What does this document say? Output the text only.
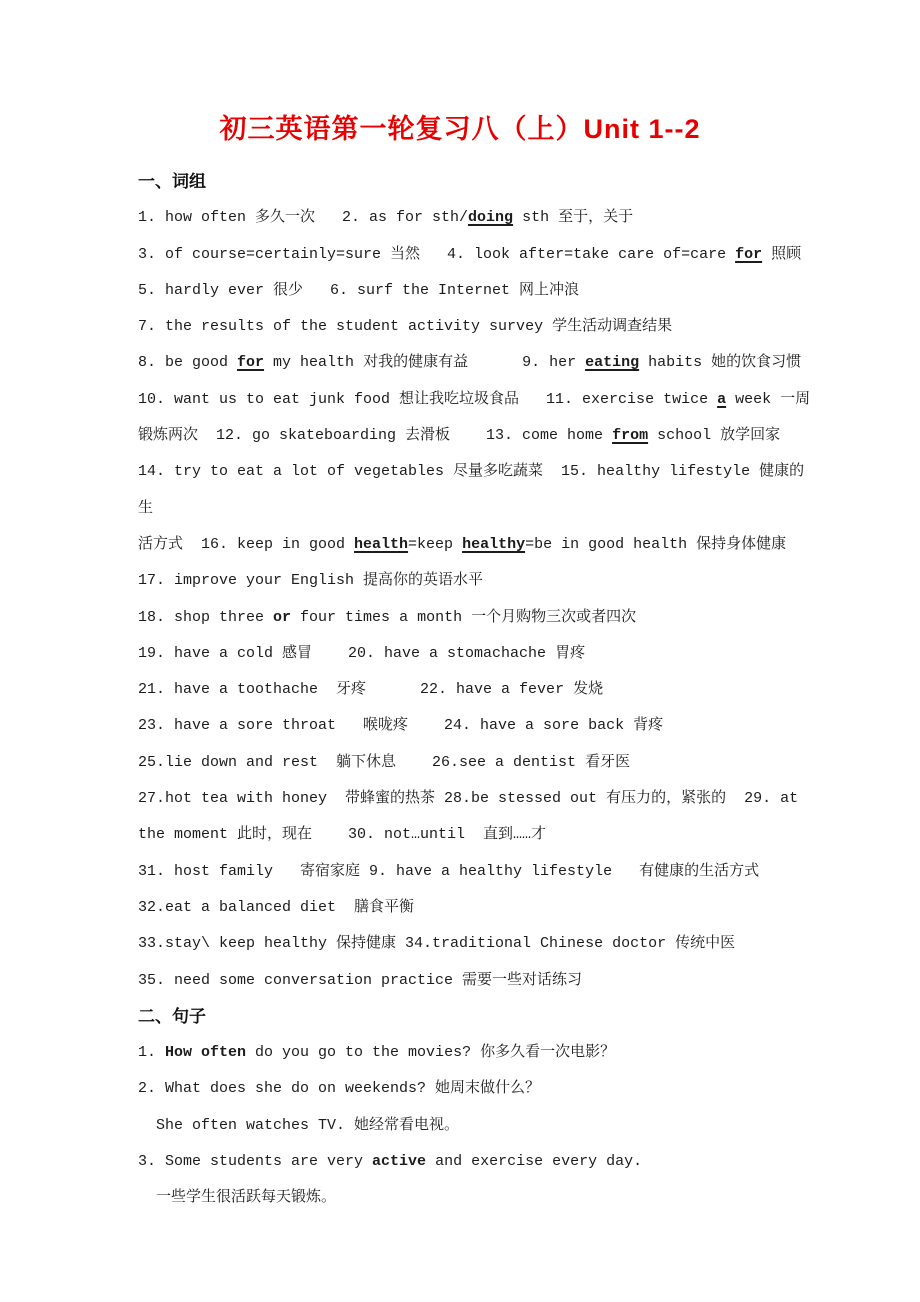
初三英语第一轮复习八（上）Unit 1--2
一、词组

1. how often 多久一次   2. as for sth/doing sth 至于，关于

3. of course=certainly=sure 当然   4. look after=take care of=care for 照顾

5. hardly ever 很少   6. surf the Internet 网上冲浪

7. the results of the student activity survey 学生活动调查结果

8. be good for my health 对我的健康有益      9. her eating habits 她的饮食习惯

10. want us to eat junk food 想让我吃垃圾食品   11. exercise twice a week 一周

锻炼两次  12. go skateboarding 去滑板    13. come home from school 放学回家

14. try to eat a lot of vegetables 尽量多吃蔬菜  15. healthy lifestyle 健康的生

活方式  16. keep in good health=keep healthy=be in good health 保持身体健康

17. improve your English 提高你的英语水平

18. shop three or four times a month 一个月购物三次或者四次

19. have a cold 感冒    20. have a stomachache 胃疼

21. have a toothache  牙疼      22. have a fever 发烧

23. have a sore throat   喉咙疼    24. have a sore back 背疼

25.lie down and rest  躺下休息    26.see a dentist 看牙医

27.hot tea with honey  带蜂蜜的热茶 28.be stessed out 有压力的，紧张的  29. at

the moment 此时，现在    30. not…until  直到……才

31. host family   寄宿家庭 9. have a healthy lifestyle   有健康的生活方式

32.eat a balanced diet  膳食平衡

33.stay\ keep healthy 保持健康 34.traditional Chinese doctor 传统中医

35. need some conversation practice 需要一些对话练习

二、句子

1. How often do you go to the movies? 你多久看一次电影？

2. What does she do on weekends? 她周末做什么？

She often watches TV. 她经常看电视。

3. Some students are very active and exercise every day.

一些学生很活跃每天锻炼。
